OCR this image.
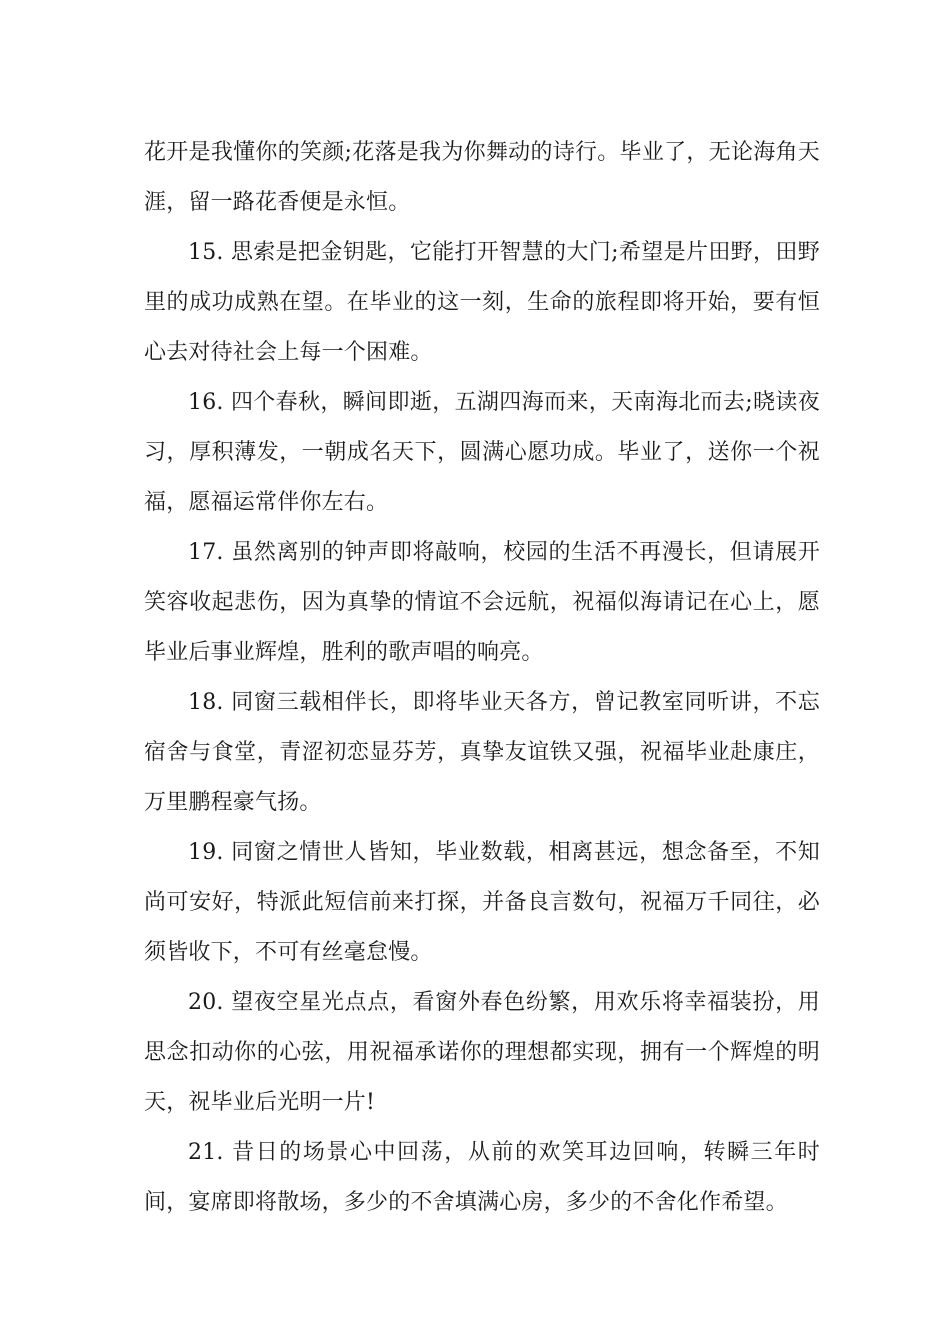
花开是我懂你的笑颜;花落是我为你舞动的诗行。毕业了，无论海角天涯，留一路花香便是永恒。

15. 思索是把金钥匙，它能打开智慧的大门;希望是片田野，田野里的成功成熟在望。在毕业的这一刻，生命的旅程即将开始，要有恒心去对待社会上每一个困难。

16. 四个春秋，瞬间即逝，五湖四海而来，天南海北而去;晓读夜习，厚积薄发，一朝成名天下，圆满心愿功成。毕业了，送你一个祝福，愿福运常伴你左右。

17. 虽然离别的钟声即将敲响，校园的生活不再漫长，但请展开笑容收起悲伤，因为真挚的情谊不会远航，祝福似海请记在心上，愿毕业后事业辉煌，胜利的歌声唱的响亮。

18. 同窗三载相伴长，即将毕业天各方，曾记教室同听讲，不忘宿舍与食堂，青涩初恋显芬芳，真挚友谊铁又强，祝福毕业赴康庄，万里鹏程豪气扬。

19. 同窗之情世人皆知，毕业数载，相离甚远，想念备至，不知尚可安好，特派此短信前来打探，并备良言数句，祝福万千同往，必须皆收下，不可有丝毫怠慢。

20. 望夜空星光点点，看窗外春色纷繁，用欢乐将幸福装扮，用思念扣动你的心弦，用祝福承诺你的理想都实现，拥有一个辉煌的明天，祝毕业后光明一片!

21. 昔日的场景心中回荡，从前的欢笑耳边回响，转瞬三年时间，宴席即将散场，多少的不舍填满心房，多少的不舍化作希望。
